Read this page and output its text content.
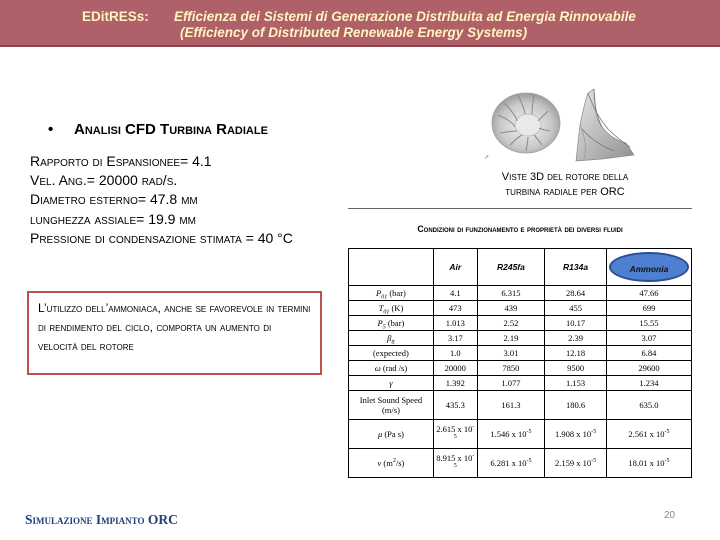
EDitRESs: Efficienza dei Sistemi di Generazione Distribuita ad Energia Rinnovabile
(Efficiency of Distributed Renewable Energy Systems)
• Analisi CFD Turbina Radiale
Rapporto di Espansionee= 4.1
Vel. Ang.= 20000 rad/s.
Diametro esterno= 47.8 mm
lunghezza assiale= 19.9 mm
Pressione di condensazione stimata = 40 °C
L’utilizzo dell’ammoniaca, anche se favorevole in termini di rendimento del ciclo, comporta un aumento di velocità del rotore
↗
Viste 3D del rotore della turbina radiale per ORC
Condizioni di funzionamento e proprietà dei diversi fluidi
	Air	R245fa	R134a	Ammonia
$P_{01}$ (bar)	4.1	6.315	28.64	47.66
$T_{01}$ (K)	473	439	455	699
$P_5$ (bar)	1.013	2.52	10.17	15.55
$\beta_{tt}$	3.17	2.19	2.39	3.07
(expected)	1.0	3.01	12.18	6.84
ω (rad /s)	20000	7850	9500	29600
γ	1.392	1.077	1.153	1.234
Inlet Sound Speed
(m/s)	435.3	161.3	180.6	635.0
μ (Pa s)	2.615 x $10^{-5}$	1.546 x $10^{-5}$	1.908 x $10^{-5}$	2.561 x $10^{-5}$
ν $(m^2/s)$	8.915 x $10^{-5}$	6.281 x $10^{-5}$	2.159 x $10^{-5}$	18.01 x $10^{-5}$
Simulazione Impianto ORC	20
